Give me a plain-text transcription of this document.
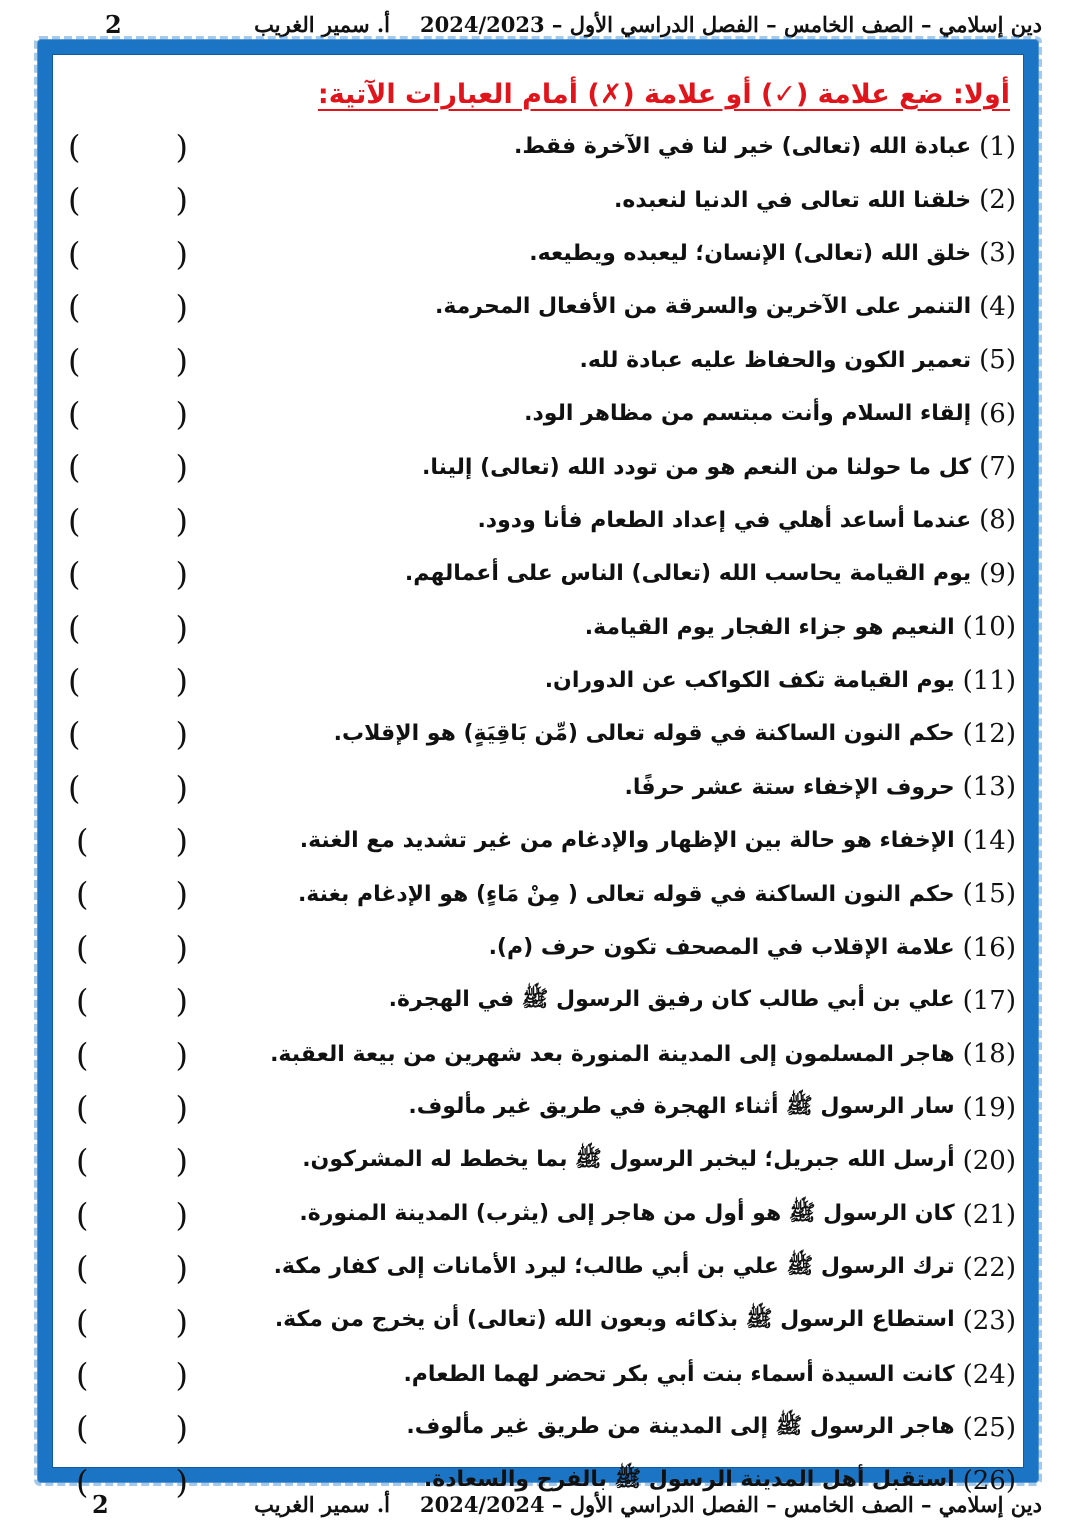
دين إسلامي – الصف الخامس – الفصل الدراسي الأول – 2024/2023
أ. سمير الغريب
2
أولا: ضع علامة (✓) أو علامة (✗) أمام العبارات الآتية:
(1)
عبادة الله (تعالى) خير لنا في الآخرة فقط.
(	)
(2)
خلقنا الله تعالى في الدنيا لنعبده.
(	)
(3)
خلق الله (تعالى) الإنسان؛ ليعبده ويطيعه.
(	)
(4)
التنمر على الآخرين والسرقة من الأفعال المحرمة.
(	)
(5)
تعمير الكون والحفاظ عليه عبادة لله.
(	)
(6)
إلقاء السلام وأنت مبتسم من مظاهر الود.
(	)
(7)
كل ما حولنا من النعم هو من تودد الله (تعالى) إلينا.
(	)
(8)
عندما أساعد أهلي في إعداد الطعام فأنا ودود.
(	)
(9)
يوم القيامة يحاسب الله (تعالى) الناس على أعمالهم.
(	)
(10)
النعيم هو جزاء الفجار يوم القيامة.
(	)
(11)
يوم القيامة تكف الكواكب عن الدوران.
(	)
(12)
حكم النون الساكنة في قوله تعالى (مِّن بَاقِيَةٍ) هو الإقلاب.
(	)
(13)
حروف الإخفاء ستة عشر حرفًا.
(	)
(14)
الإخفاء هو حالة بين الإظهار والإدغام من غير تشديد مع الغنة.
(	)
(15)
حكم النون الساكنة في قوله تعالى ( مِنْ مَاءٍ) هو الإدغام بغنة.
(	)
(16)
علامة الإقلاب في المصحف تكون حرف (م).
(	)
(17)
علي بن أبي طالب كان رفيق الرسول ﷺ في الهجرة.
(	)
(18)
هاجر المسلمون إلى المدينة المنورة بعد شهرين من بيعة العقبة.
(	)
(19)
سار الرسول ﷺ أثناء الهجرة في طريق غير مألوف.
(	)
(20)
أرسل الله جبريل؛ ليخبر الرسول ﷺ بما يخطط له المشركون.
(	)
(21)
كان الرسول ﷺ هو أول من هاجر إلى (يثرب) المدينة المنورة.
(	)
(22)
ترك الرسول ﷺ علي بن أبي طالب؛ ليرد الأمانات إلى كفار مكة.
(	)
(23)
استطاع الرسول ﷺ بذكائه وبعون الله (تعالى) أن يخرج من مكة.
(	)
(24)
كانت السيدة أسماء بنت أبي بكر تحضر لهما الطعام.
(	)
(25)
هاجر الرسول ﷺ إلى المدينة من طريق غير مألوف.
(	)
(26)
استقبل أهل المدينة الرسول ﷺ بالفرح والسعادة.
(	)
دين إسلامي – الصف الخامس – الفصل الدراسي الأول – 2024/2024
أ. سمير الغريب
2
